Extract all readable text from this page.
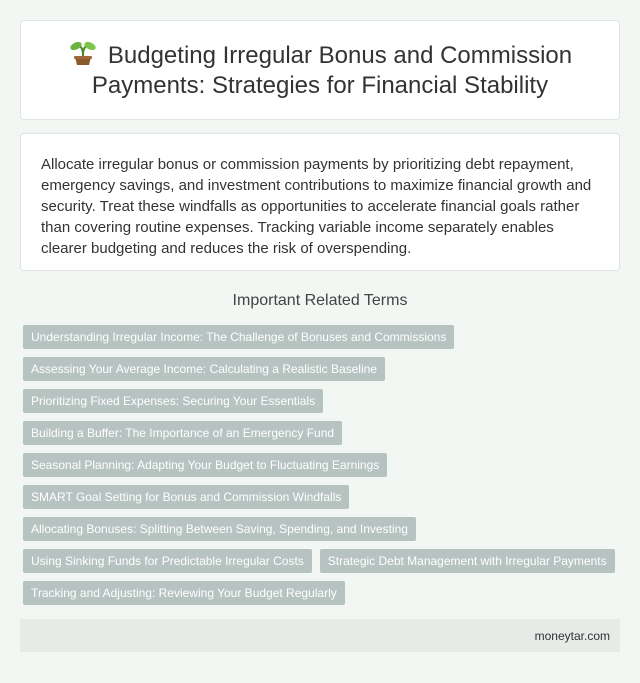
Budgeting Irregular Bonus and Commission Payments: Strategies for Financial Stability

Allocate irregular bonus or commission payments by prioritizing debt repayment, emergency savings, and investment contributions to maximize financial growth and security. Treat these windfalls as opportunities to accelerate financial goals rather than covering routine expenses. Tracking variable income separately enables clearer budgeting and reduces the risk of overspending.

Important Related Terms
Understanding Irregular Income: The Challenge of Bonuses and Commissions
Assessing Your Average Income: Calculating a Realistic Baseline
Prioritizing Fixed Expenses: Securing Your Essentials
Building a Buffer: The Importance of an Emergency Fund
Seasonal Planning: Adapting Your Budget to Fluctuating Earnings
SMART Goal Setting for Bonus and Commission Windfalls
Allocating Bonuses: Splitting Between Saving, Spending, and Investing
Using Sinking Funds for Predictable Irregular Costs	Strategic Debt Management with Irregular Payments
Tracking and Adjusting: Reviewing Your Budget Regularly
moneytar.com
